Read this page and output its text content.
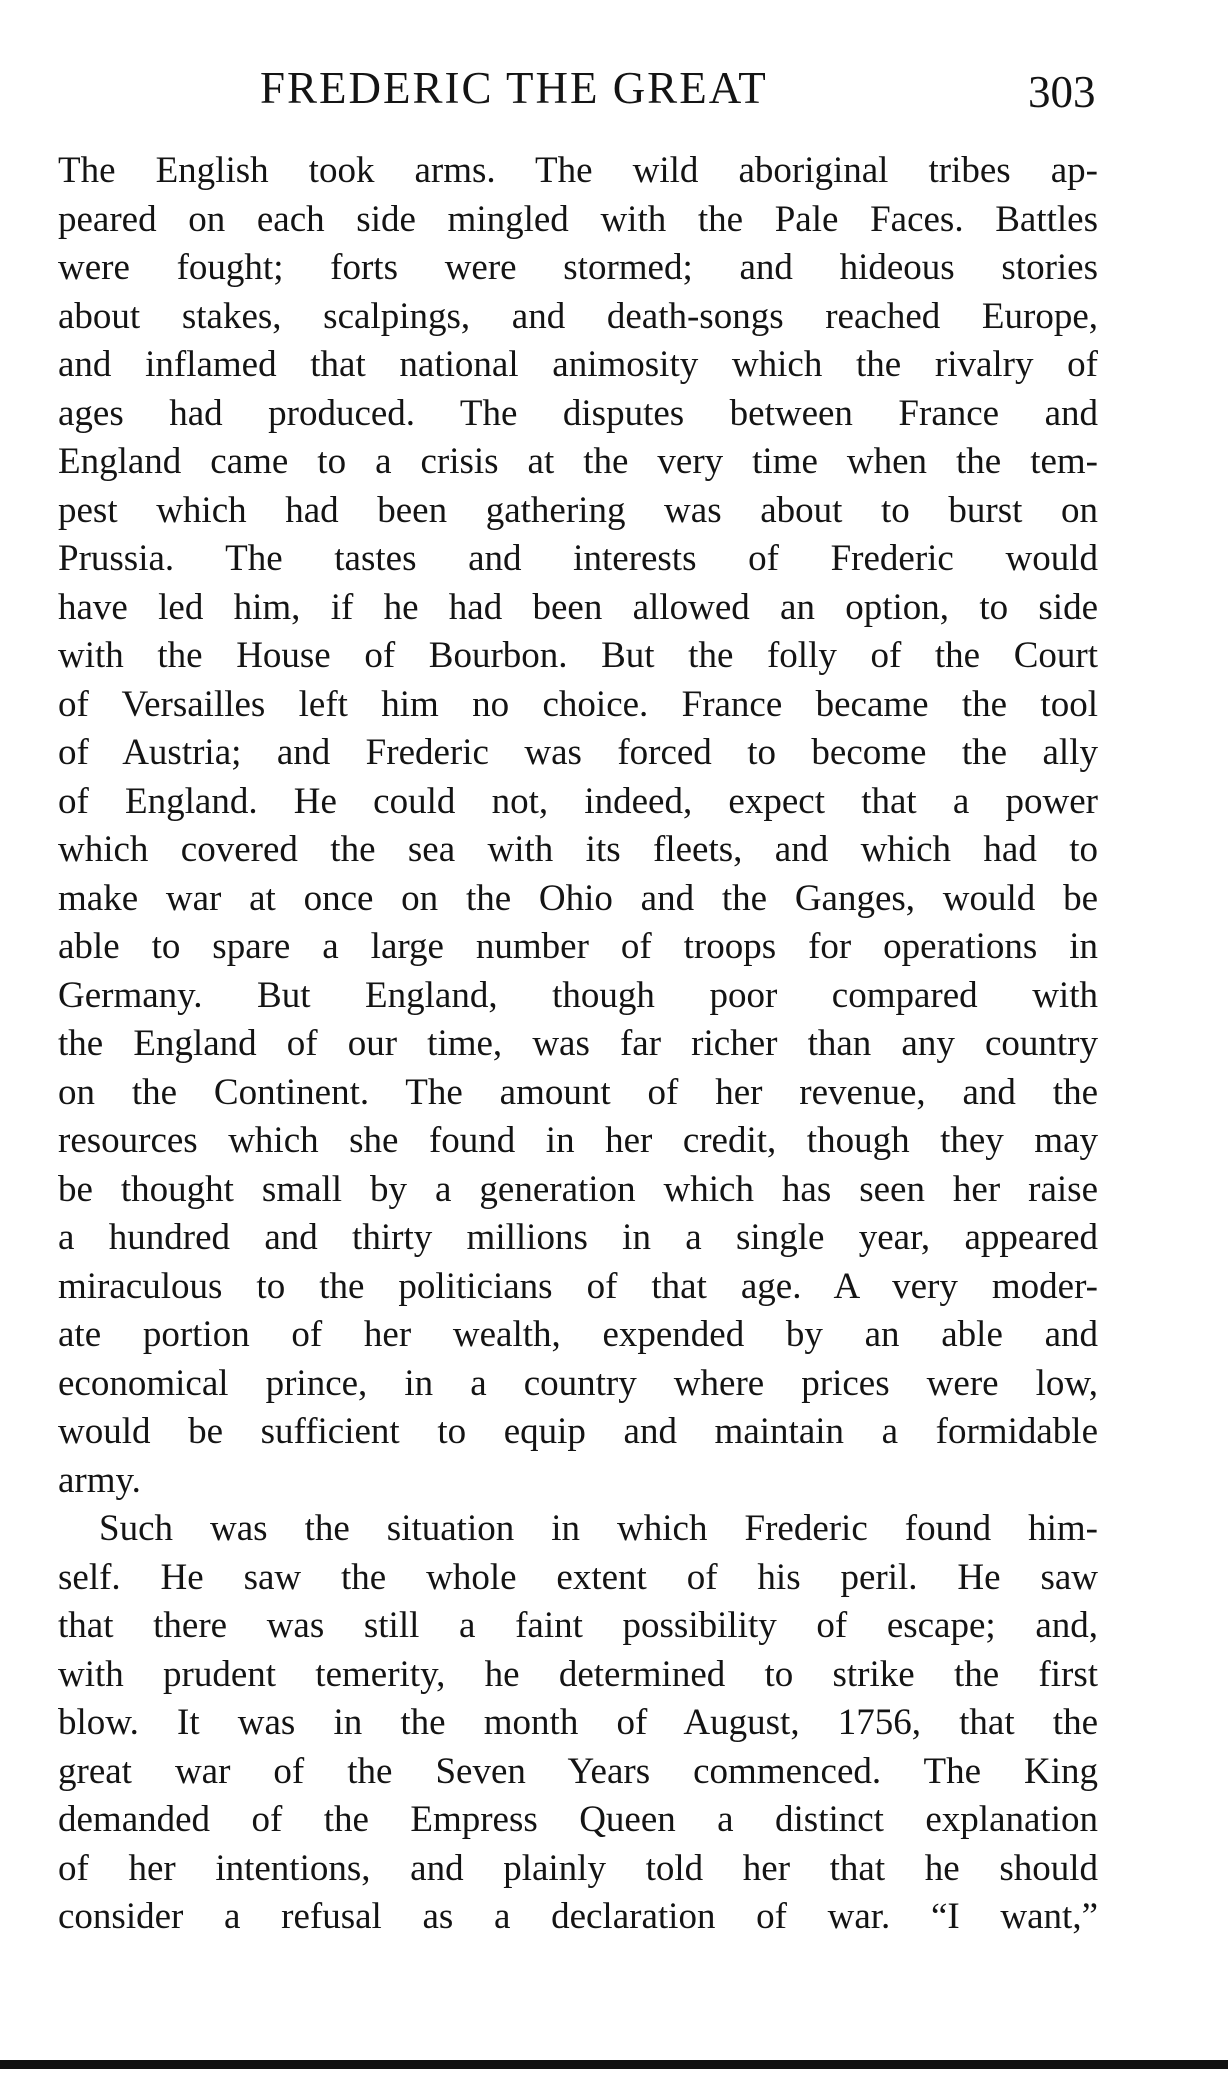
FREDERIC THE GREAT	303
The English took arms. The wild aboriginal tribes ap-
peared on each side mingled with the Pale Faces. Battles
were fought; forts were stormed; and hideous stories
about stakes, scalpings, and death-songs reached Europe,
and inflamed that national animosity which the rivalry of
ages had produced. The disputes between France and
England came to a crisis at the very time when the tem-
pest which had been gathering was about to burst on
Prussia. The tastes and interests of Frederic would
have led him, if he had been allowed an option, to side
with the House of Bourbon. But the folly of the Court
of Versailles left him no choice. France became the tool
of Austria; and Frederic was forced to become the ally
of England. He could not, indeed, expect that a power
which covered the sea with its fleets, and which had to
make war at once on the Ohio and the Ganges, would be
able to spare a large number of troops for operations in
Germany. But England, though poor compared with
the England of our time, was far richer than any country
on the Continent. The amount of her revenue, and the
resources which she found in her credit, though they may
be thought small by a generation which has seen her raise
a hundred and thirty millions in a single year, appeared
miraculous to the politicians of that age. A very moder-
ate portion of her wealth, expended by an able and
economical prince, in a country where prices were low,
would be sufficient to equip and maintain a formidable
army.
Such was the situation in which Frederic found him-
self. He saw the whole extent of his peril. He saw
that there was still a faint possibility of escape; and,
with prudent temerity, he determined to strike the first
blow. It was in the month of August, 1756, that the
great war of the Seven Years commenced. The King
demanded of the Empress Queen a distinct explanation
of her intentions, and plainly told her that he should
consider a refusal as a declaration of war. “I want,”
